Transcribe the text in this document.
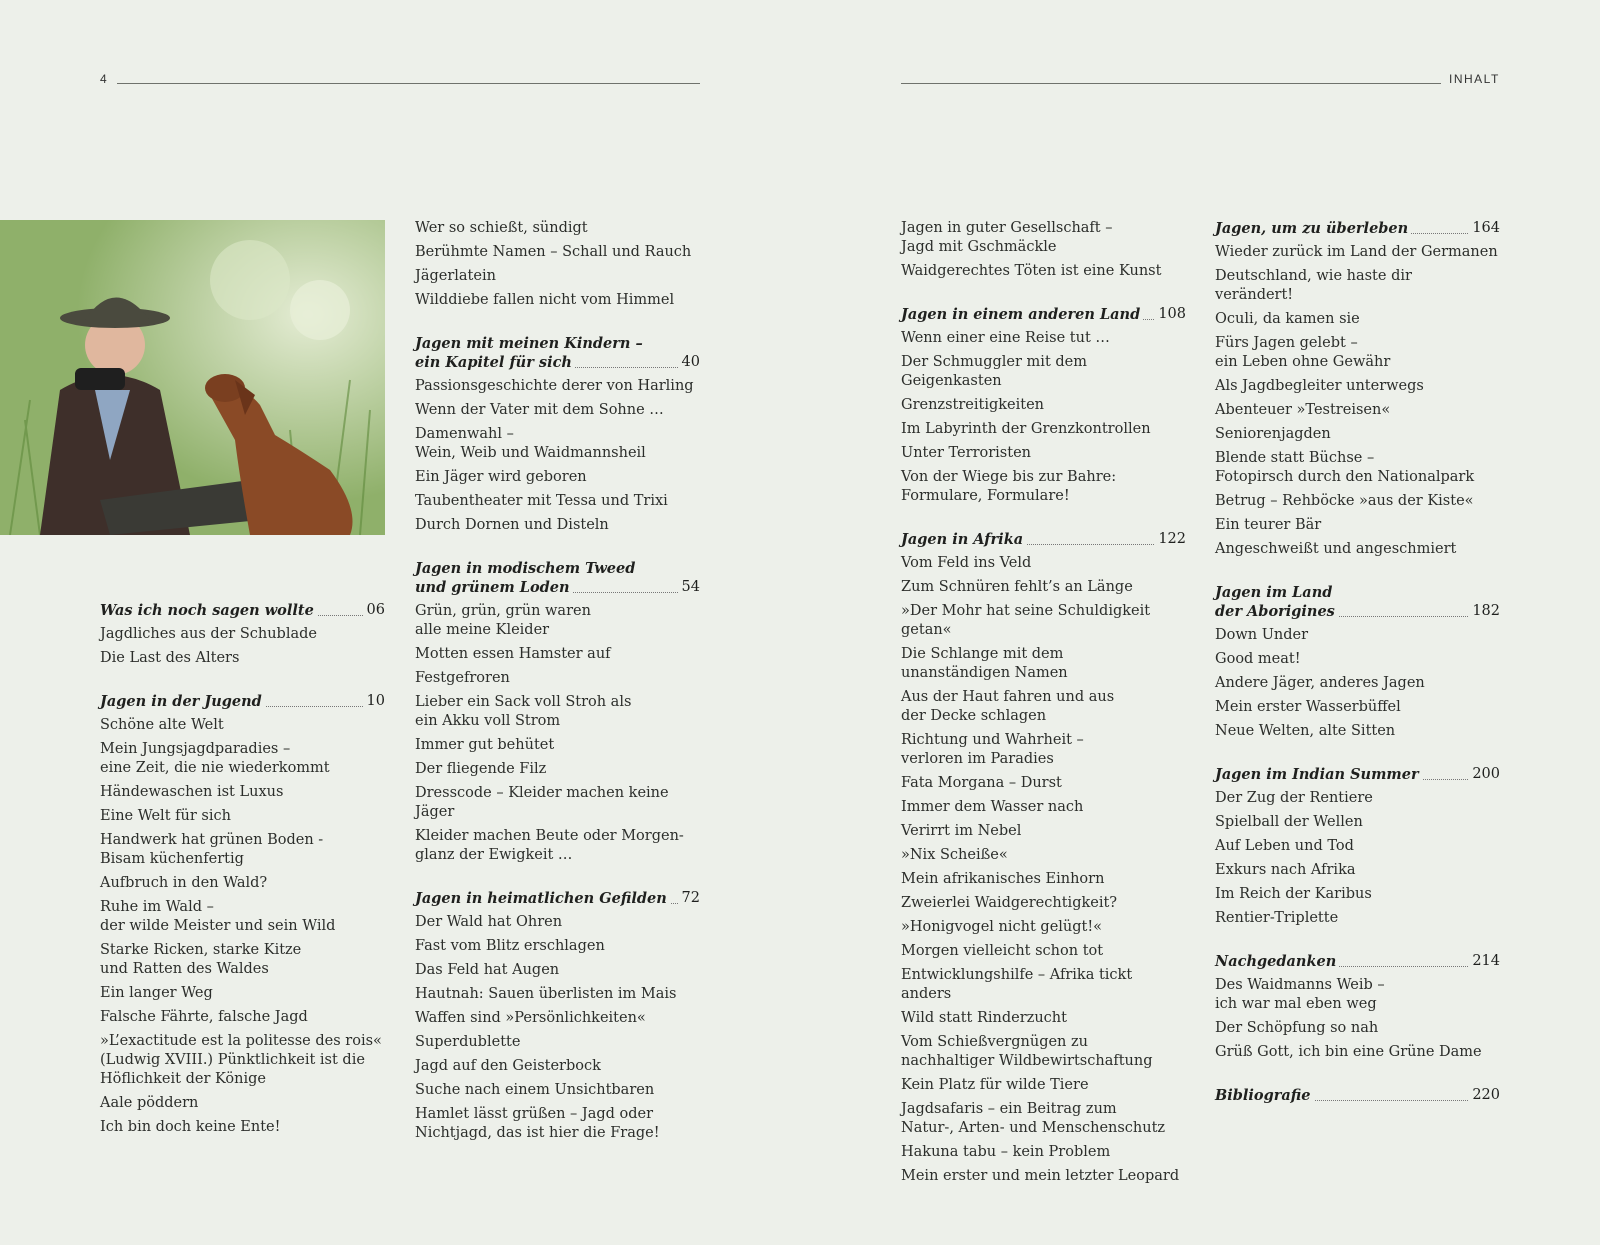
4	INHALT
Was ich noch sagen wollte	06
Jagdliches aus der Schublade
Die Last des Alters
Jagen in der Jugend	10
Schöne alte Welt
Mein Jungsjagdparadies –
eine Zeit, die nie wiederkommt
Händewaschen ist Luxus
Eine Welt für sich
Handwerk hat grünen Boden -
Bisam küchenfertig
Aufbruch in den Wald?
Ruhe im Wald –
der wilde Meister und sein Wild
Starke Ricken, starke Kitze
und Ratten des Waldes
Ein langer Weg
Falsche Fährte, falsche Jagd
»L’exactitude est la politesse des rois«
(Ludwig XVIII.) Pünktlichkeit ist die
Höflichkeit der Könige
Aale pöddern
Ich bin doch keine Ente!
Wer so schießt, sündigt
Berühmte Namen – Schall und Rauch
Jägerlatein
Wilddiebe fallen nicht vom Himmel
Jagen mit meinen Kindern –
ein Kapitel für sich	40
Passionsgeschichte derer von Harling
Wenn der Vater mit dem Sohne …
Damenwahl –
Wein, Weib und Waidmannsheil
Ein Jäger wird geboren
Taubentheater mit Tessa und Trixi
Durch Dornen und Disteln
Jagen in modischem Tweed
und grünem Loden	54
Grün, grün, grün waren
alle meine Kleider
Motten essen Hamster auf
Festgefroren
Lieber ein Sack voll Stroh als
ein Akku voll Strom
Immer gut behütet
Der fliegende Filz
Dresscode – Kleider machen keine Jäger
Kleider machen Beute oder Morgen-
glanz der Ewigkeit …
Jagen in heimatlichen Gefilden 72
Der Wald hat Ohren
Fast vom Blitz erschlagen
Das Feld hat Augen
Hautnah: Sauen überlisten im Mais
Waffen sind »Persönlichkeiten«
Superdublette
Jagd auf den Geisterbock
Suche nach einem Unsichtbaren
Hamlet lässt grüßen – Jagd oder
Nichtjagd, das ist hier die Frage!
Jagen in guter Gesellschaft –
Jagd mit Gschmäckle
Waidgerechtes Töten ist eine Kunst
Jagen in einem anderen Land 108
Wenn einer eine Reise tut …
Der Schmuggler mit dem Geigenkasten
Grenzstreitigkeiten
Im Labyrinth der Grenzkontrollen
Unter Terroristen
Von der Wiege bis zur Bahre:
Formulare, Formulare!
Jagen in Afrika	122
Vom Feld ins Veld
Zum Schnüren fehlt’s an Länge
»Der Mohr hat seine Schuldigkeit getan«
Die Schlange mit dem
unanständigen Namen
Aus der Haut fahren und aus
der Decke schlagen
Richtung und Wahrheit –
verloren im Paradies
Fata Morgana – Durst
Immer dem Wasser nach
Verirrt im Nebel
»Nix Scheiße«
Mein afrikanisches Einhorn
Zweierlei Waidgerechtigkeit?
»Honigvogel nicht gelügt!«
Morgen vielleicht schon tot
Entwicklungshilfe – Afrika tickt anders
Wild statt Rinderzucht
Vom Schießvergnügen zu
nachhaltiger Wildbewirtschaftung
Kein Platz für wilde Tiere
Jagdsafaris – ein Beitrag zum
Natur-, Arten- und Menschenschutz
Hakuna tabu – kein Problem
Mein erster und mein letzter Leopard
Jagen, um zu überleben	164
Wieder zurück im Land der Germanen
Deutschland, wie haste dir
verändert!
Oculi, da kamen sie
Fürs Jagen gelebt –
ein Leben ohne Gewähr
Als Jagdbegleiter unterwegs
Abenteuer »Testreisen«
Seniorenjagden
Blende statt Büchse –
Fotopirsch durch den Nationalpark
Betrug – Rehböcke »aus der Kiste«
Ein teurer Bär
Angeschweißt und angeschmiert
Jagen im Land
der Aborigines	182
Down Under
Good meat!
Andere Jäger, anderes Jagen
Mein erster Wasserbüffel
Neue Welten, alte Sitten
Jagen im Indian Summer	200
Der Zug der Rentiere
Spielball der Wellen
Auf Leben und Tod
Exkurs nach Afrika
Im Reich der Karibus
Rentier-Triplette
Nachgedanken	214
Des Waidmanns Weib –
ich war mal eben weg
Der Schöpfung so nah
Grüß Gott, ich bin eine Grüne Dame
Bibliografie	220
